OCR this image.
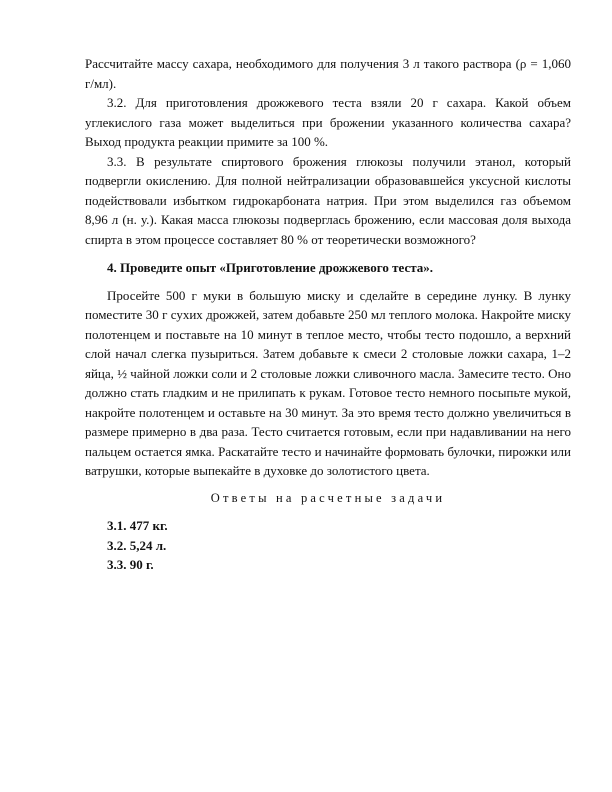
Рассчитайте массу сахара, необходимого для получения 3 л такого раствора (ρ = 1,060 г/мл).

3.2. Для приготовления дрожжевого теста взяли 20 г сахара. Какой объем углекислого газа может выделиться при брожении указанного количества сахара? Выход продукта реакции примите за 100 %.

3.3. В результате спиртового брожения глюкозы получили этанол, который подвергли окислению. Для полной нейтрализации образовавшейся уксусной кислоты подействовали избытком гидрокарбоната натрия. При этом выделился газ объемом 8,96 л (н. у.). Какая масса глюкозы подверглась брожению, если массовая доля выхода спирта в этом процессе составляет 80 % от теоретически возможного?

4. Проведите опыт «Приготовление дрожжевого теста».

Просейте 500 г муки в большую миску и сделайте в середине лунку. В лунку поместите 30 г сухих дрожжей, затем добавьте 250 мл теплого молока. Накройте миску полотенцем и поставьте на 10 минут в теплое место, чтобы тесто подошло, а верхний слой начал слегка пузыриться. Затем добавьте к смеси 2 столовые ложки сахара, 1–2 яйца, ½ чайной ложки соли и 2 столовые ложки сливочного масла. Замесите тесто. Оно должно стать гладким и не прилипать к рукам. Готовое тесто немного посыпьте мукой, накройте полотенцем и оставьте на 30 минут. За это время тесто должно увеличиться в размере примерно в два раза. Тесто считается готовым, если при надавливании на него пальцем остается ямка. Раскатайте тесто и начинайте формовать булочки, пирожки или ватрушки, которые выпекайте в духовке до золотистого цвета.

Ответы на расчетные задачи

3.1. 477 кг.

3.2. 5,24 л.

3.3. 90 г.
